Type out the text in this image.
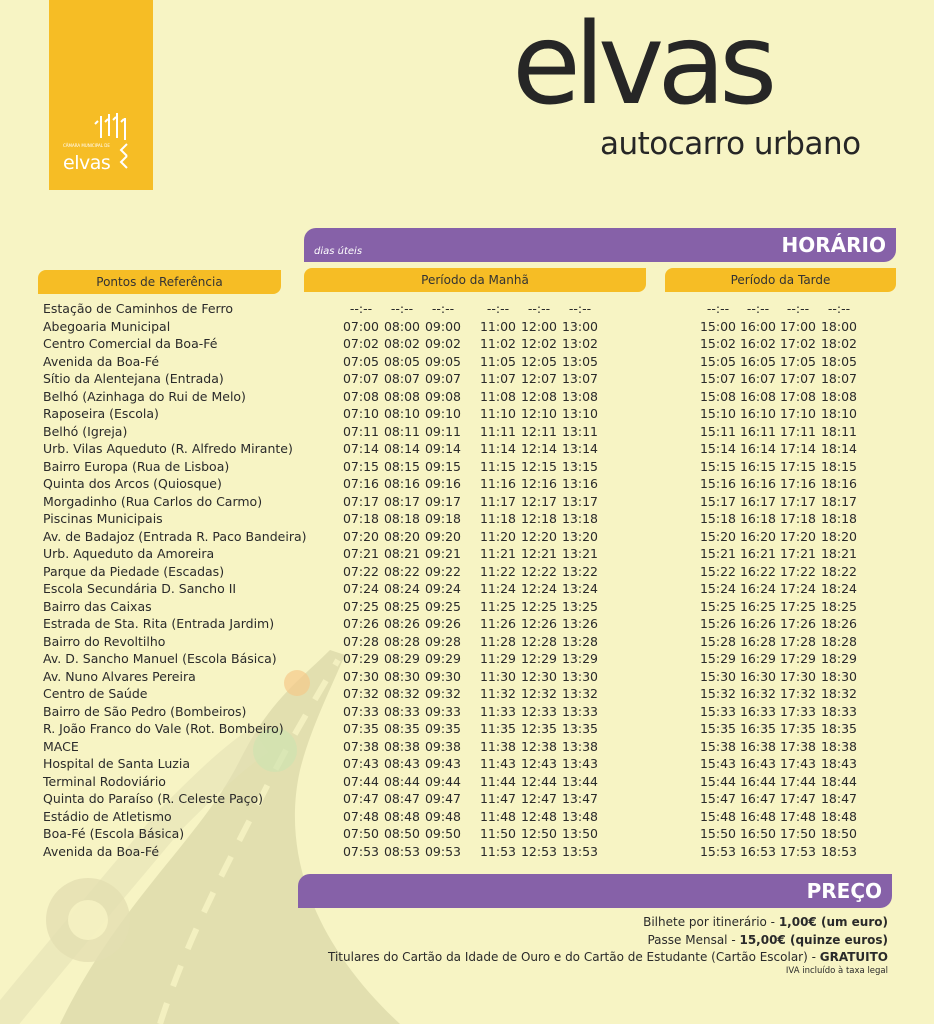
CÂMARA MUNICIPAL DE
elvas
elvas
autocarro urbano
dias úteis	HORÁRIO
Pontos de Referência	Período da Manhã	Período da Tarde
Estação de Caminhos de Ferro	--:--	--:--	--:--	--:--	--:--	--:--	--:--	--:--	--:--	--:--
Abegoaria Municipal	07:00 08:00 09:00 11:00 12:00 13:00	15:00 16:00 17:00 18:00
Centro Comercial da Boa-Fé	07:02 08:02 09:02 11:02 12:02 13:02	15:02 16:02 17:02 18:02
Avenida da Boa-Fé	07:05 08:05 09:05 11:05 12:05 13:05	15:05 16:05 17:05 18:05
Sítio da Alentejana (Entrada)	07:07 08:07 09:07 11:07 12:07 13:07	15:07 16:07 17:07 18:07
Belhó (Azinhaga do Rui de Melo)	07:08 08:08 09:08 11:08 12:08 13:08	15:08 16:08 17:08 18:08
Raposeira (Escola)	07:10 08:10 09:10 11:10 12:10 13:10	15:10 16:10 17:10 18:10
Belhó (Igreja)	07:11 08:11 09:11 11:11 12:11 13:11	15:11 16:11 17:11 18:11
Urb. Vilas Aqueduto (R. Alfredo Mirante)	07:14 08:14 09:14 11:14 12:14 13:14	15:14 16:14 17:14 18:14
Bairro Europa (Rua de Lisboa)	07:15 08:15 09:15 11:15 12:15 13:15	15:15 16:15 17:15 18:15
Quinta dos Arcos (Quiosque)	07:16 08:16 09:16 11:16 12:16 13:16	15:16 16:16 17:16 18:16
Morgadinho (Rua Carlos do Carmo)	07:17 08:17 09:17 11:17 12:17 13:17	15:17 16:17 17:17 18:17
Piscinas Municipais	07:18 08:18 09:18 11:18 12:18 13:18	15:18 16:18 17:18 18:18
Av. de Badajoz (Entrada R. Paco Bandeira)	07:20 08:20 09:20 11:20 12:20 13:20	15:20 16:20 17:20 18:20
Urb. Aqueduto da Amoreira	07:21 08:21 09:21 11:21 12:21 13:21	15:21 16:21 17:21 18:21
Parque da Piedade (Escadas)	07:22 08:22 09:22 11:22 12:22 13:22	15:22 16:22 17:22 18:22
Escola Secundária D. Sancho II	07:24 08:24 09:24 11:24 12:24 13:24	15:24 16:24 17:24 18:24
Bairro das Caixas	07:25 08:25 09:25 11:25 12:25 13:25	15:25 16:25 17:25 18:25
Estrada de Sta. Rita (Entrada Jardim)	07:26 08:26 09:26 11:26 12:26 13:26	15:26 16:26 17:26 18:26
Bairro do Revoltilho	07:28 08:28 09:28 11:28 12:28 13:28	15:28 16:28 17:28 18:28
Av. D. Sancho Manuel (Escola Básica)	07:29 08:29 09:29 11:29 12:29 13:29	15:29 16:29 17:29 18:29
Av. Nuno Alvares Pereira	07:30 08:30 09:30 11:30 12:30 13:30	15:30 16:30 17:30 18:30
Centro de Saúde	07:32 08:32 09:32 11:32 12:32 13:32	15:32 16:32 17:32 18:32
Bairro de São Pedro (Bombeiros)	07:33 08:33 09:33 11:33 12:33 13:33	15:33 16:33 17:33 18:33
R. João Franco do Vale (Rot. Bombeiro)	07:35 08:35 09:35 11:35 12:35 13:35	15:35 16:35 17:35 18:35
MACE	07:38 08:38 09:38 11:38 12:38 13:38	15:38 16:38 17:38 18:38
Hospital de Santa Luzia	07:43 08:43 09:43 11:43 12:43 13:43	15:43 16:43 17:43 18:43
Terminal Rodoviário	07:44 08:44 09:44 11:44 12:44 13:44	15:44 16:44 17:44 18:44
Quinta do Paraíso (R. Celeste Paço)	07:47 08:47 09:47 11:47 12:47 13:47	15:47 16:47 17:47 18:47
Estádio de Atletismo	07:48 08:48 09:48 11:48 12:48 13:48	15:48 16:48 17:48 18:48
Boa-Fé (Escola Básica)	07:50 08:50 09:50 11:50 12:50 13:50	15:50 16:50 17:50 18:50
Avenida da Boa-Fé	07:53 08:53 09:53 11:53 12:53 13:53	15:53 16:53 17:53 18:53
PREÇO
Bilhete por itinerário - 1,00€ (um euro)
Passe Mensal - 15,00€ (quinze euros)
Titulares do Cartão da Idade de Ouro e do Cartão de Estudante (Cartão Escolar) - GRATUITO
IVA incluído à taxa legal
